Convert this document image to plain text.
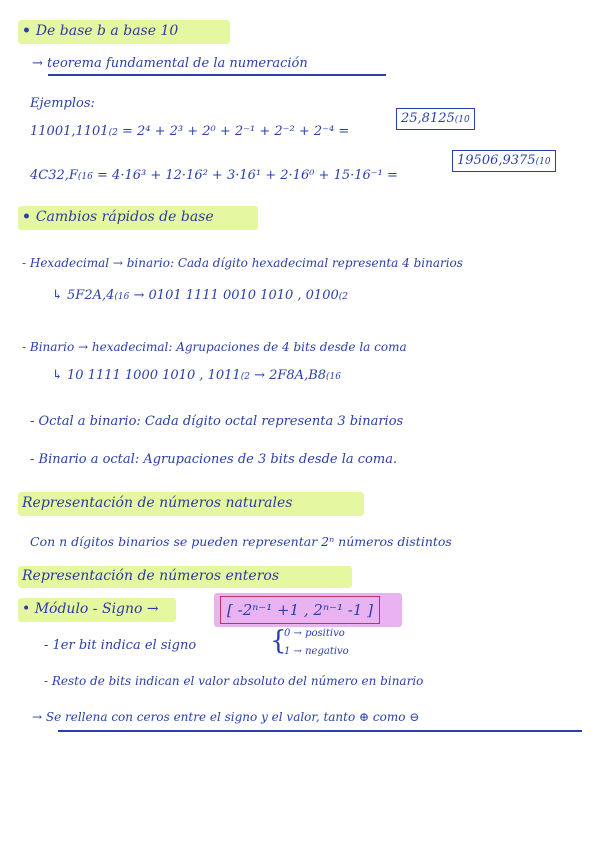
• De base b a base 10
→ teorema fundamental de la numeración
Ejemplos:
11001,1101(2 = 2⁴ + 2³ + 2⁰ + 2⁻¹ + 2⁻² + 2⁻⁴ =
25,8125(10
4C32,F(16 = 4·16³ + 12·16² + 3·16¹ + 2·16⁰ + 15·16⁻¹ =
19506,9375(10
• Cambios rápidos de base
- Hexadecimal → binario: Cada dígito hexadecimal representa 4 binarios
↳ 5F2A,4(16 → 0101 1111 0010 1010 , 0100(2
- Binario → hexadecimal: Agrupaciones de 4 bits desde la coma
↳ 10 1111 1000 1010 , 1011(2 → 2F8A,B8(16
- Octal a binario: Cada dígito octal representa 3 binarios
- Binario a octal: Agrupaciones de 3 bits desde la coma.
Representación de números naturales
Con n dígitos binarios se pueden representar 2ⁿ números distintos
Representación de números enteros
• Módulo - Signo →	[ -2ⁿ⁻¹ +1 , 2ⁿ⁻¹ -1 ]
- 1er bit indica el signo	{
0 → positivo
1 → negativo
- Resto de bits indican el valor absoluto del número en binario
→ Se rellena con ceros entre el signo y el valor, tanto ⊕ como ⊖
